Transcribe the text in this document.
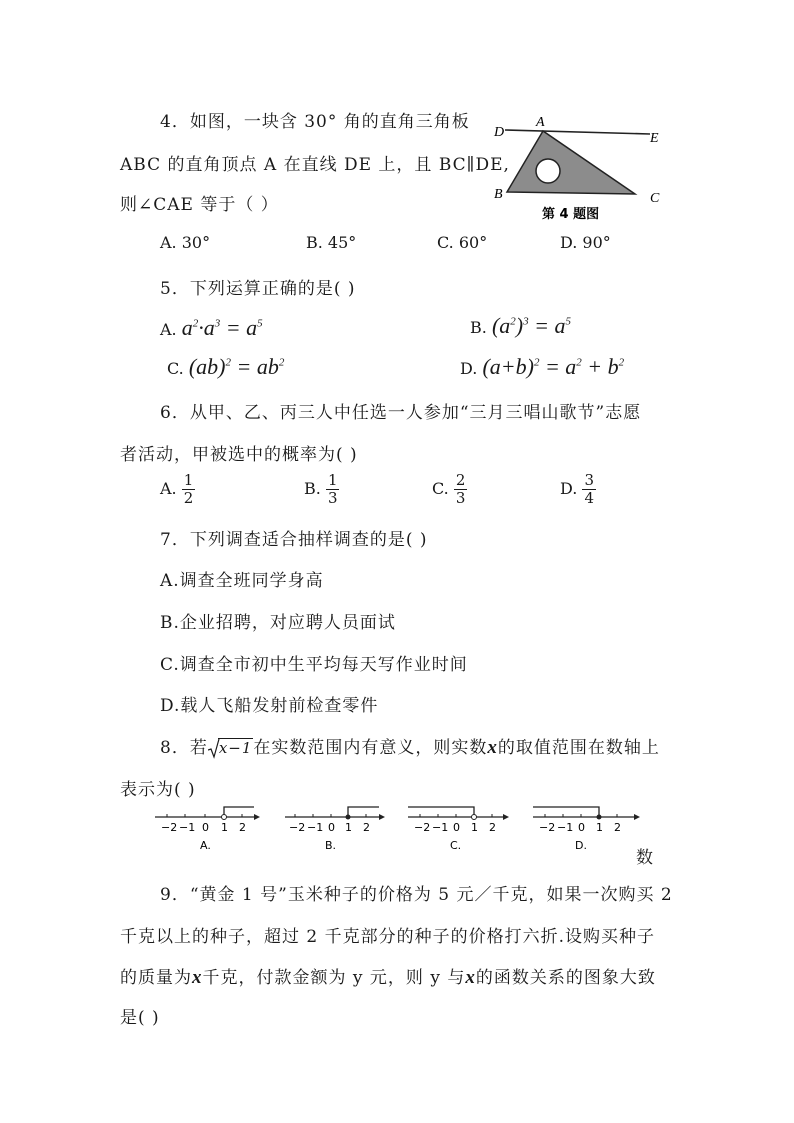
4．如图，一块含 30° 角的直角三角板
ABC 的直角顶点 A 在直线 DE 上，且 BC∥DE,
则∠CAE 等于（ ）
D
A
E
B	C
第 4 题图
A. 30°	B. 45°	C. 60°	D. 90°
5．下列运算正确的是( )
A. $a^2\cdot a^3 = a^5$	B. $(a^2)^3 = a^5$
C. $(ab)^2 = ab^2$	D. $(a+b)^2 = a^2 + b^2$
a²·a³ = a⁵ (a²)³ = a⁵ (ab)² = ab² (a+b)² = a² + b²
6．从甲、乙、丙三人中任选一人参加“三月三唱山歌节”志愿
者活动，甲被选中的概率为( )
A. $\frac{1}{2}$	B. $\frac{1}{3}$	C. $\frac{2}{3}$	D. $\frac{3}{4}$
7．下列调查适合抽样调查的是( )
A.调查全班同学身高
B.企业招聘，对应聘人员面试
C.调查全市初中生平均每天写作业时间
D.载人飞船发射前检查零件
8．若 x−1在实数范围内有意义，则实数x的取值范围在数轴上
表示为( )
−2 −1 0 1 2
A.
−2 −1 0 1 2
B.
−2 −1 0 1 2
C.
−2 −1 0 1 2
D.
数
9．“黄金 1 号”玉米种子的价格为 5 元／千克，如果一次购买 2
千克以上的种子，超过 2 千克部分的种子的价格打六折.设购买种子
的质量为x千克，付款金额为 y 元，则 y 与x的函数关系的图象大致
是( )
